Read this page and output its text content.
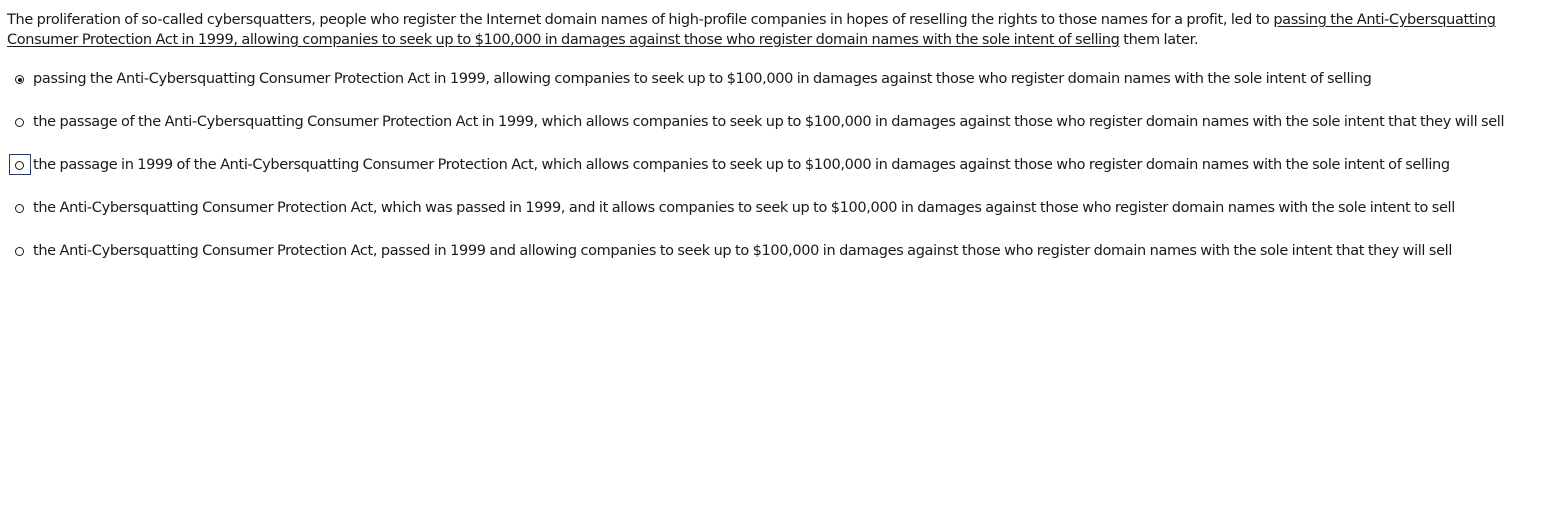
The proliferation of so-called cybersquatters, people who register the Internet domain names of high-profile companies in hopes of reselling the rights to those names for a profit, led to passing the Anti-Cybersquatting Consumer Protection Act in 1999, allowing companies to seek up to $100,000 in damages against those who register domain names with the sole intent of selling them later.

passing the Anti-Cybersquatting Consumer Protection Act in 1999, allowing companies to seek up to $100,000 in damages against those who register domain names with the sole intent of selling
the passage of the Anti-Cybersquatting Consumer Protection Act in 1999, which allows companies to seek up to $100,000 in damages against those who register domain names with the sole intent that they will sell
the passage in 1999 of the Anti-Cybersquatting Consumer Protection Act, which allows companies to seek up to $100,000 in damages against those who register domain names with the sole intent of selling
the Anti-Cybersquatting Consumer Protection Act, which was passed in 1999, and it allows companies to seek up to $100,000 in damages against those who register domain names with the sole intent to sell
the Anti-Cybersquatting Consumer Protection Act, passed in 1999 and allowing companies to seek up to $100,000 in damages against those who register domain names with the sole intent that they will sell
